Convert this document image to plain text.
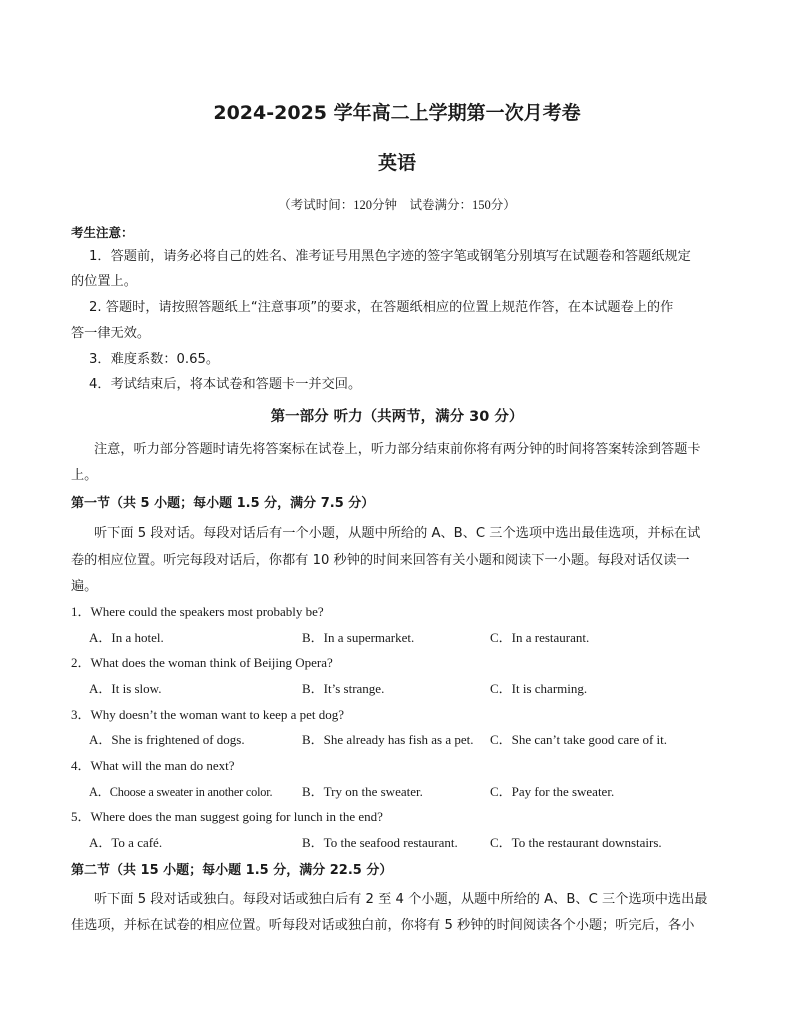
2024-2025 学年高二上学期第一次月考卷
英语
（考试时间：120分钟　试卷满分：150分）
考生注意：
1．答题前，请务必将自己的姓名、准考证号用黑色字迹的签字笔或钢笔分别填写在试题卷和答题纸规定
的位置上。
2. 答题时，请按照答题纸上“注意事项”的要求，在答题纸相应的位置上规范作答，在本试题卷上的作
答一律无效。
3．难度系数：0.65。
4．考试结束后，将本试卷和答题卡一并交回。
第一部分 听力（共两节，满分 30 分）
注意，听力部分答题时请先将答案标在试卷上，听力部分结束前你将有两分钟的时间将答案转涂到答题卡
上。
第一节（共 5 小题；每小题 1.5 分，满分 7.5 分）
听下面 5 段对话。每段对话后有一个小题，从题中所给的 A、B、C 三个选项中选出最佳选项，并标在试
卷的相应位置。听完每段对话后，你都有 10 秒钟的时间来回答有关小题和阅读下一小题。每段对话仅读一
遍。
1．Where could the speakers most probably be?
A．In a hotel.	B．In a supermarket.	C．In a restaurant.
2．What does the woman think of Beijing Opera?
A．It is slow.	B．It’s strange.	C．It is charming.
3．Why doesn’t the woman want to keep a pet dog?
A．She is frightened of dogs.	B．She already has fish as a pet. C．She can’t take good care of it.
4．What will the man do next?
A．Choose a sweater in another color. B．Try on the sweater.	C．Pay for the sweater.
5．Where does the man suggest going for lunch in the end?
A．To a café.	B．To the seafood restaurant. C．To the restaurant downstairs.
第二节（共 15 小题；每小题 1.5 分，满分 22.5 分）
听下面 5 段对话或独白。每段对话或独白后有 2 至 4 个小题，从题中所给的 A、B、C 三个选项中选出最
佳选项，并标在试卷的相应位置。听每段对话或独白前，你将有 5 秒钟的时间阅读各个小题；听完后，各小
